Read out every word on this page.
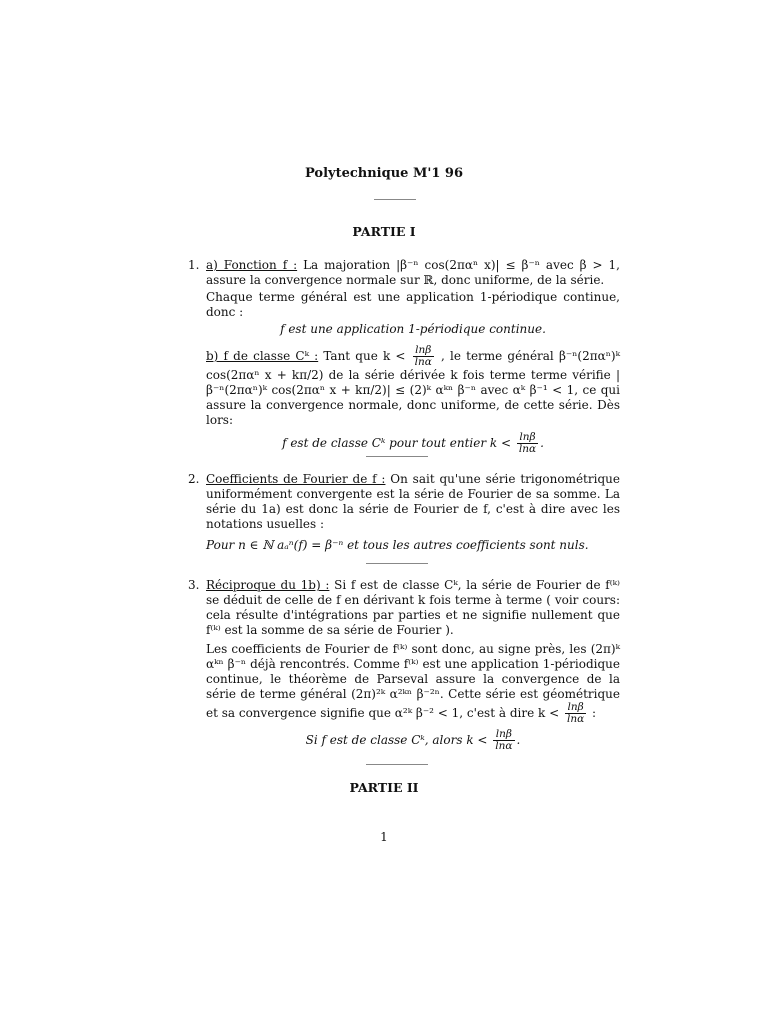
Polytechnique M'1 96
PARTIE I
1. a) Fonction f : La majoration |β⁻ⁿ cos(2παⁿ x)| ≤ β⁻ⁿ avec β > 1, assure la convergence normale sur ℝ, donc uniforme, de la série.

Chaque terme général est une application 1-périodique continue, donc :

f est une application 1-périodique continue.

b) f de classe Cᵏ : Tant que $k < \frac{\ln\beta}{\ln\alpha}$ , le terme général β⁻ⁿ(2παⁿ)ᵏ cos(2παⁿ x + kπ/2) de la série dérivée k fois terme terme vérifie |β⁻ⁿ(2παⁿ)ᵏ cos(2παⁿ x + kπ/2)| ≤ (2)ᵏ αᵏⁿ β⁻ⁿ avec αᵏ β⁻¹ < 1, ce qui assure la convergence normale, donc uniforme, de cette série. Dès lors:

f est de classe Cᵏ pour tout entier $k < \frac{\ln\beta}{\ln\alpha}$ .

2. Coefficients de Fourier de f : On sait qu'une série trigonométrique uniformément convergente est la série de Fourier de sa somme. La série du 1a) est donc la série de Fourier de f, c'est à dire avec les notations usuelles :

Pour n ∈ ℕ aₐⁿ(f) = β⁻ⁿ et tous les autres coefficients sont nuls.

3. Réciproque du 1b) : Si f est de classe Cᵏ, la série de Fourier de f⁽ᵏ⁾ se déduit de celle de f en dérivant k fois terme à terme ( voir cours: cela résulte d'intégrations par parties et ne signifie nullement que f⁽ᵏ⁾ est la somme de sa série de Fourier ).

Les coefficients de Fourier de f⁽ᵏ⁾ sont donc, au signe près, les (2π)ᵏ αᵏⁿ β⁻ⁿ déjà rencontrés. Comme f⁽ᵏ⁾ est une application 1-périodique continue, le théorème de Parseval assure la convergence de la série de terme général (2π)²ᵏ α²ᵏⁿ β⁻²ⁿ. Cette série est géométrique et sa convergence signifie que α²ᵏ β⁻² < 1, c'est à dire $k < \frac{\ln\beta}{\ln\alpha}$ :

Si f est de classe Cᵏ, alors $k < \frac{\ln\beta}{\ln\alpha}$ .

PARTIE II
1
